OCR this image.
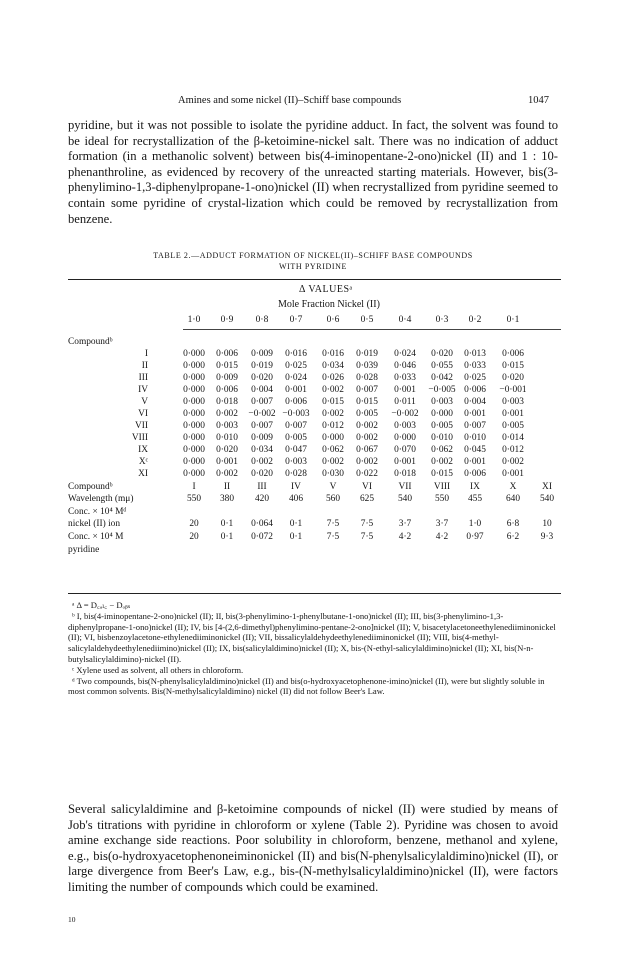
Amines and some nickel (II)–Schiff base compounds	1047
pyridine, but it was not possible to isolate the pyridine adduct. In fact, the solvent was found to be ideal for recrystallization of the β-ketoimine-nickel salt. There was no indication of adduct formation (in a methanolic solvent) between bis(4-iminopentane-2-ono)nickel (II) and 1 : 10-phenanthroline, as evidenced by recovery of the unreacted starting materials. However, bis(3-phenylimino-1,3-diphenylpropane-1-ono)nickel (II) when recrystallized from pyridine seemed to contain some pyridine of crystal-lization which could be removed by recrystallization from benzene.
TABLE 2.—ADDUCT FORMATION OF NICKEL(II)–SCHIFF BASE COMPOUNDS
WITH PYRIDINE
Δ VALUESᵃ
Mole Fraction Nickel (II)
1·0 0·9 0·8 0·7	0·6 0·5	0·4	0·3 0·2	0·1
Compoundᵇ
I	0·000 0·006 0·009 0·016 0·016 0·019 0·024 0·020 0·013 0·006
II	0·000 0·015 0·019 0·025 0·034 0·039 0·046 0·055 0·033 0·015
III	0·000 0·009 0·020 0·024 0·026 0·028 0·033 0·042 0·025 0·020
IV	0·000 0·006 0·004 0·001 0·002 0·007 0·001 −0·005 0·006 −0·001
V	0·000 0·018 0·007 0·006 0·015 0·015 0·011 0·003 0·004 0·003
VI	0·000 0·002 −0·002 −0·003 0·002 0·005 −0·002 0·000 0·001 0·001
VII	0·000 0·003 0·007 0·007 0·012 0·002 0·003 0·005 0·007 0·005
VIII	0·000 0·010 0·009 0·005 0·000 0·002 0·000 0·010 0·010 0·014
IX	0·000 0·020 0·034 0·047 0·062 0·067 0·070 0·062 0·045 0·012
Xᶜ	0·000 0·001 0·002 0·003 0·002 0·002 0·001 0·002 0·001 0·002
XI	0·000 0·002 0·020 0·028 0·030 0·022 0·018 0·015 0·006 0·001
Compoundᵇ	I	II	III	IV	V	VI	VII VIII IX	X	XI
Wavelength (mμ)	550 380 420 406 560 625	540 550 455	640 540
Conc. × 10⁴ Mᵈ
nickel (II) ion	20 0·1 0·064 0·1	7·5 7·5	3·7	3·7 1·0	6·8 10
Conc. × 10⁴ M	20 0·1 0·072 0·1	7·5 7·5	4·2	4·2 0·97 6·2 9·3
pyridine

ᵃ Δ = D꜀ₐₗ꜀ − Dₒᵦₛ

ᵇ I, bis(4-iminopentane-2-ono)nickel (II); II, bis(3-phenylimino-1-phenylbutane-1-ono)nickel (II); III, bis(3-phenylimino-1,3-diphenylpropane-1-ono)nickel (II); IV, bis [4-(2,6-dimethyl)phenylimino-pentane-2-ono]nickel (II); V, bisacetylacetoneethylenediiminonickel (II); VI, bisbenzoylacetone-ethylenediiminonickel (II); VII, bissalicylaldehydeethylenediiminonickel (II); VIII, bis(4-methyl-salicylaldehydeethylenediimino)nickel (II); IX, bis(salicylaldimino)nickel (II); X, bis-(N-ethyl-salicylaldimino)nickel (II); XI, bis(N-n-butylsalicylaldimino)-nickel (II).

ᶜ Xylene used as solvent, all others in chloroform.

ᵈ Two compounds, bis(N-phenylsalicylaldimino)nickel (II) and bis(o-hydroxyacetophenone-imino)nickel (II), were but slightly soluble in most common solvents. Bis(N-methylsalicylaldimino) nickel (II) did not follow Beer's Law.

Several salicylaldimine and β-ketoimine compounds of nickel (II) were studied by means of Job's titrations with pyridine in chloroform or xylene (Table 2). Pyridine was chosen to avoid amine exchange side reactions. Poor solubility in chloroform, benzene, methanol and xylene, e.g., bis(o-hydroxyacetophenoneiminonickel (II) and bis(N-phenylsalicylaldimino)nickel (II), or large divergence from Beer's Law, e.g., bis-(N-methylsalicylaldimino)nickel (II), were factors limiting the number of compounds which could be examined.
10
